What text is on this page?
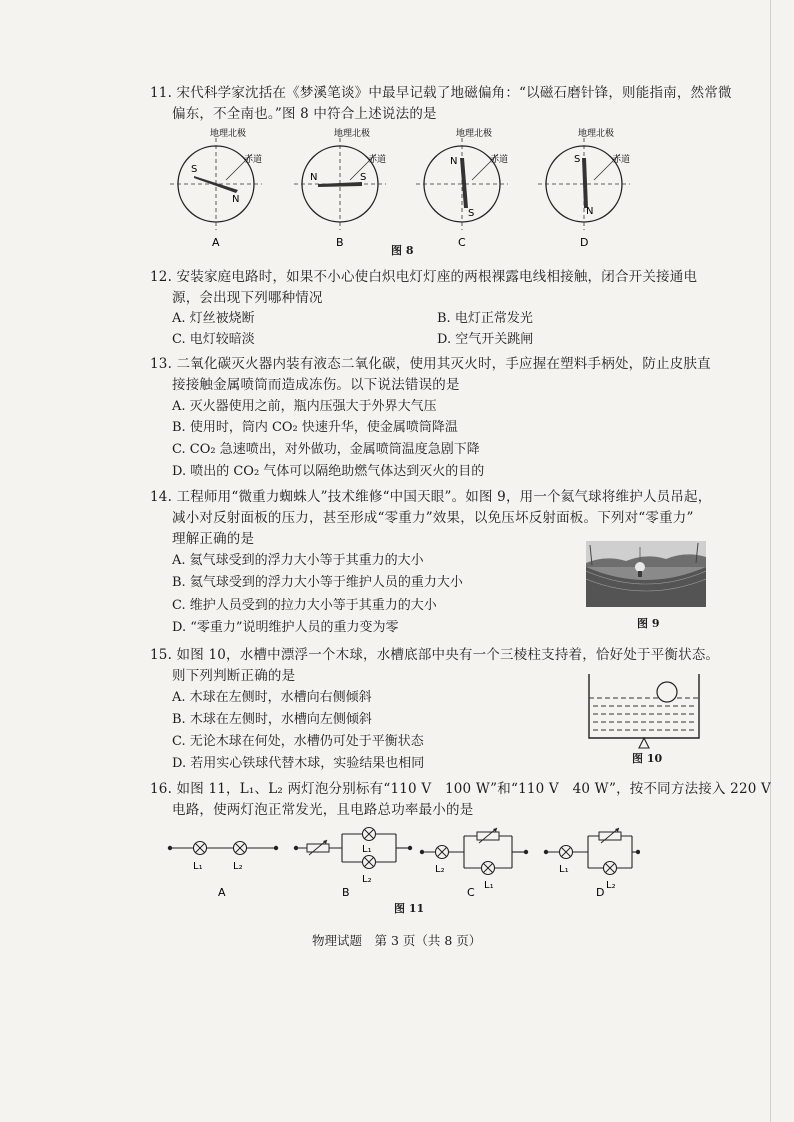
11. 宋代科学家沈括在《梦溪笔谈》中最早记载了地磁偏角：“以磁石磨针锋，则能指南，然常微
偏东，不全南也。”图 8 中符合上述说法的是
地理北极
赤道
S
N
A
地理北极
赤道
N	S
B
地理北极
赤道
N
S
C
地理北极
赤道
S
N
D
图 8
12. 安装家庭电路时，如果不小心使白炽电灯灯座的两根裸露电线相接触，闭合开关接通电
源，会出现下列哪种情况
A. 灯丝被烧断	B. 电灯正常发光
C. 电灯较暗淡	D. 空气开关跳闸
13. 二氧化碳灭火器内装有液态二氧化碳，使用其灭火时，手应握在塑料手柄处，防止皮肤直
接接触金属喷筒而造成冻伤。以下说法错误的是
A. 灭火器使用之前，瓶内压强大于外界大气压
B. 使用时，筒内 CO₂ 快速升华，使金属喷筒降温
C. CO₂ 急速喷出，对外做功，金属喷筒温度急剧下降
D. 喷出的 CO₂ 气体可以隔绝助燃气体达到灭火的目的
14. 工程师用“微重力蜘蛛人”技术维修“中国天眼”。如图 9，用一个氦气球将维护人员吊起，
减小对反射面板的压力，甚至形成“零重力”效果，以免压坏反射面板。下列对“零重力”
理解正确的是
A. 氦气球受到的浮力大小等于其重力的大小
B. 氦气球受到的浮力大小等于维护人员的重力大小
C. 维护人员受到的拉力大小等于其重力的大小
D. “零重力”说明维护人员的重力变为零	图 9
15. 如图 10，水槽中漂浮一个木球，水槽底部中央有一个三棱柱支持着，恰好处于平衡状态。
则下列判断正确的是
A. 木球在左侧时，水槽向右侧倾斜
B. 木球在左侧时，水槽向左侧倾斜
C. 无论木球在何处，水槽仍可处于平衡状态
D. 若用实心铁球代替木球，实验结果也相同	图 10
16. 如图 11，L₁、L₂ 两灯泡分别标有“110 V　100 W”和“110 V　40 W”，按不同方法接入 220 V
电路，使两灯泡正常发光，且电路总功率最小的是
L₁	L₂
A
L₁
L₂
B
L₂
L₁
C
L₁
L₂
D
图 11
物理试题　第 3 页（共 8 页）
